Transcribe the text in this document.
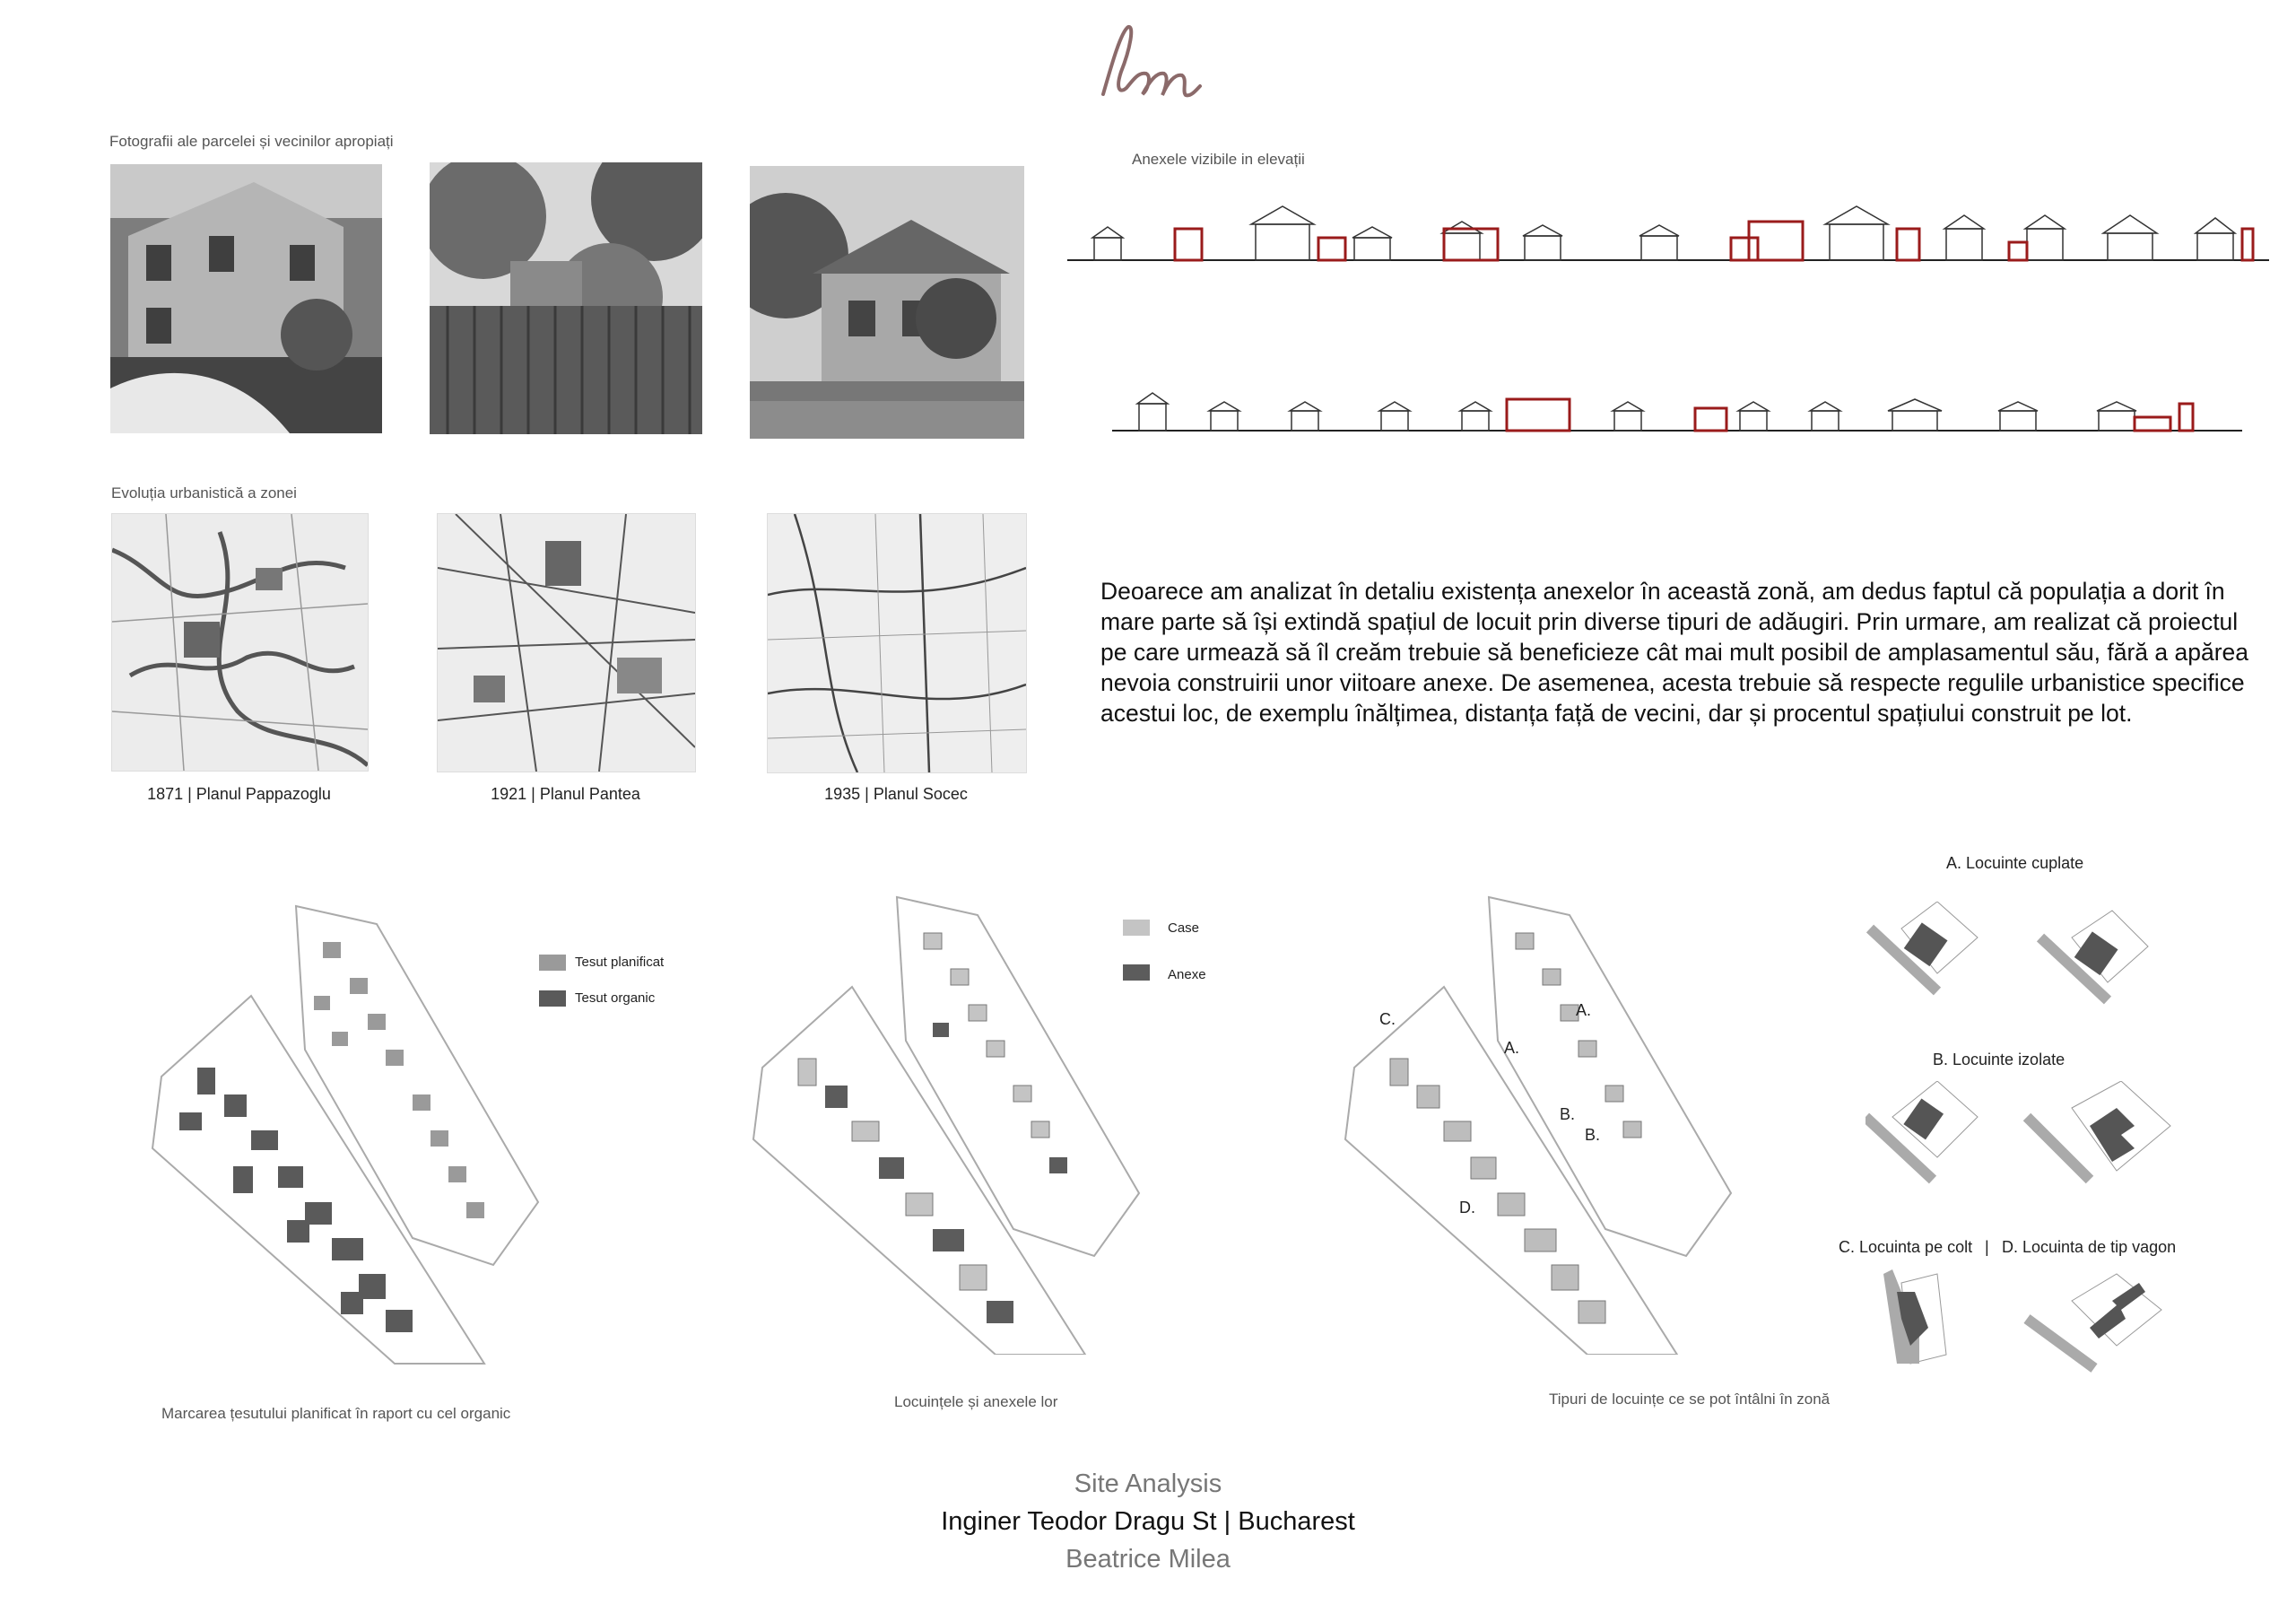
Fotografii ale parcelei și vecinilor apropiați
Evoluția urbanistică a zonei
1871 | Planul Pappazoglu	1921 | Planul Pantea	1935 | Planul Socec
Anexele vizibile in elevații
Deoarece am analizat în detaliu existența anexelor în această zonă, am dedus faptul că populația a dorit în mare parte să își extindă spațiul de locuit prin diverse tipuri de adăugiri. Prin urmare, am realizat că proiectul pe care urmează să îl creăm trebuie să beneficieze cât mai mult posibil de amplasamentul său, fără a apărea nevoia construirii unor viitoare anexe. De asemenea, acesta trebuie să respecte regulile urbanistice specifice acestui loc, de exemplu înălțimea, distanța față de vecini, dar și procentul spațiului construit pe lot.
Tesut planificat
Tesut organic
Marcarea țesutului planificat în raport cu cel organic
Case
Anexe
Locuințele și anexele lor
C.	A.
A.
B.
B.
D.
Tipuri de locuințe ce se pot întâlni în zonă
A. Locuinte cuplate
B. Locuinte izolate
C. Locuinta pe colt | D. Locuinta de tip vagon
Site Analysis
Inginer Teodor Dragu St | Bucharest
Beatrice Milea
